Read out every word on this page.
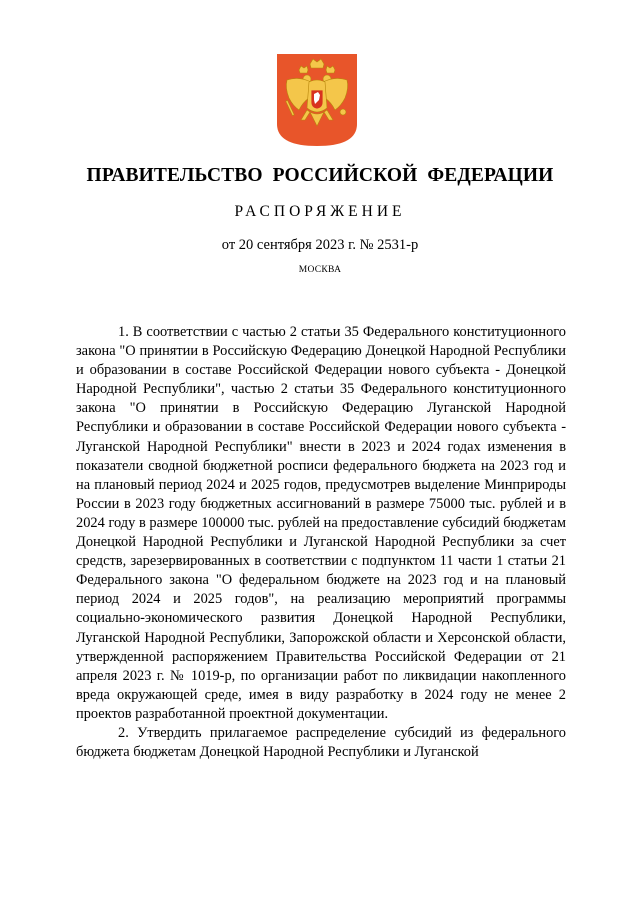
ПРАВИТЕЛЬСТВО РОССИЙСКОЙ ФЕДЕРАЦИИ
РАСПОРЯЖЕНИЕ
от 20 сентября 2023 г. № 2531-р
МОСКВА

1. В соответствии с частью 2 статьи 35 Федерального конституционного закона "О принятии в Российскую Федерацию Донецкой Народной Республики и образовании в составе Российской Федерации нового субъекта - Донецкой Народной Республики", частью 2 статьи 35 Федерального конституционного закона "О принятии в Российскую Федерацию Луганской Народной Республики и образовании в составе Российской Федерации нового субъекта - Луганской Народной Республики" внести в 2023 и 2024 годах изменения в показатели сводной бюджетной росписи федерального бюджета на 2023 год и на плановый период 2024 и 2025 годов, предусмотрев выделение Минприроды России в 2023 году бюджетных ассигнований в размере 75000 тыс. рублей и в 2024 году в размере 100000 тыс. рублей на предоставление субсидий бюджетам Донецкой Народной Республики и Луганской Народной Республики за счет средств, зарезервированных в соответствии с подпунктом 11 части 1 статьи 21 Федерального закона "О федеральном бюджете на 2023 год и на плановый период 2024 и 2025 годов", на реализацию мероприятий программы социально-экономического развития Донецкой Народной Республики, Луганской Народной Республики, Запорожской области и Херсонской области, утвержденной распоряжением Правительства Российской Федерации от 21 апреля 2023 г. № 1019-р, по организации работ по ликвидации накопленного вреда окружающей среде, имея в виду разработку в 2024 году не менее 2 проектов разработанной проектной документации.

2. Утвердить прилагаемое распределение субсидий из федерального бюджета бюджетам Донецкой Народной Республики и Луганской
